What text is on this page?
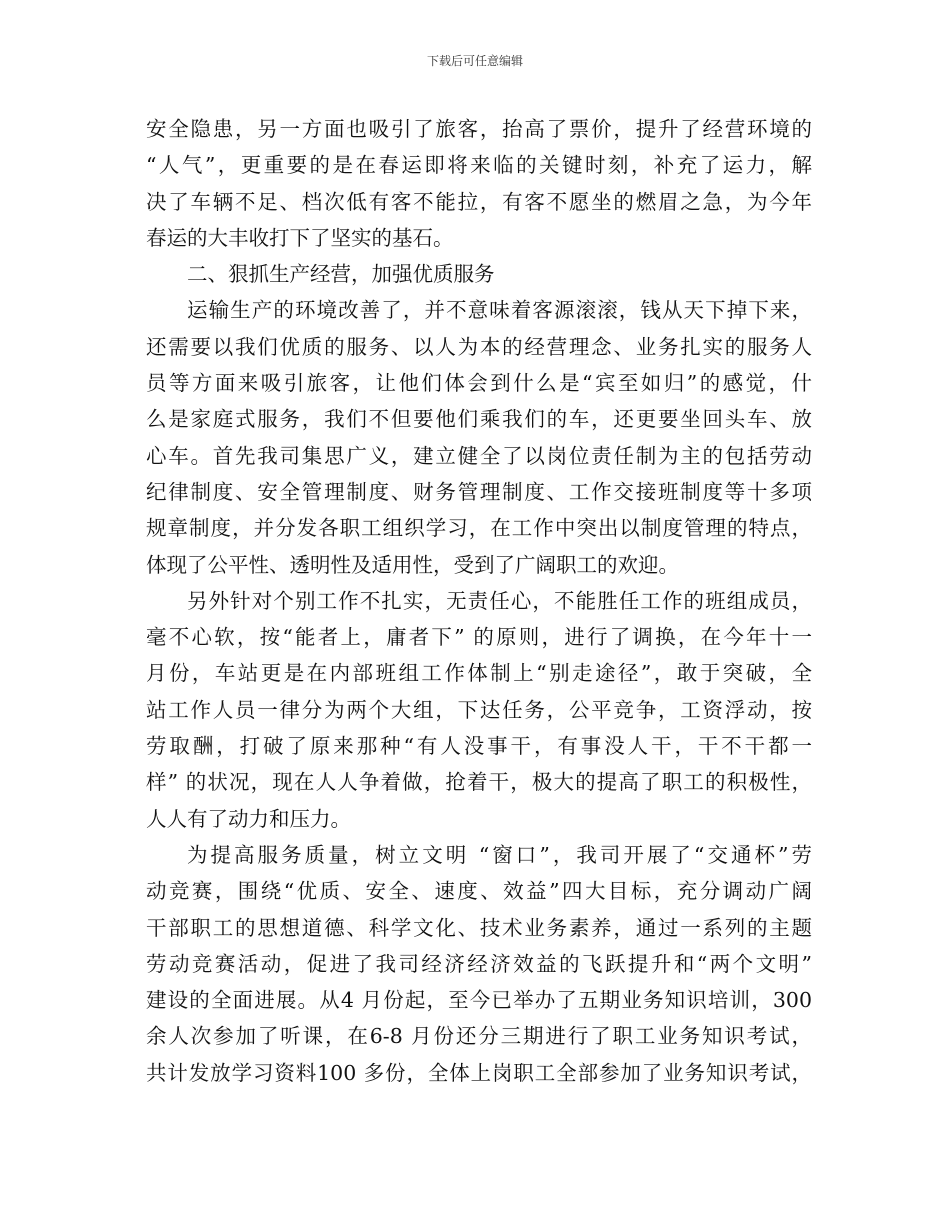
下载后可任意编辑
安全隐患，另一方面也吸引了旅客，抬高了票价，提升了经营环境的
“人气”，更重要的是在春运即将来临的关键时刻，补充了运力，解
决了车辆不足、档次低有客不能拉，有客不愿坐的燃眉之急，为今年
春运的大丰收打下了坚实的基石。
二、狠抓生产经营，加强优质服务
运输生产的环境改善了，并不意味着客源滚滚，钱从天下掉下来，
还需要以我们优质的服务、以人为本的经营理念、业务扎实的服务人
员等方面来吸引旅客，让他们体会到什么是“宾至如归”的感觉，什
么是家庭式服务，我们不但要他们乘我们的车，还更要坐回头车、放
心车。首先我司集思广义，建立健全了以岗位责任制为主的包括劳动
纪律制度、安全管理制度、财务管理制度、工作交接班制度等十多项
规章制度，并分发各职工组织学习，在工作中突出以制度管理的特点，
体现了公平性、透明性及适用性，受到了广阔职工的欢迎。
另外针对个别工作不扎实，无责任心，不能胜任工作的班组成员，
毫不心软，按“能者上，庸者下” 的原则，进行了调换，在今年十一
月份，车站更是在内部班组工作体制上“别走途径”，敢于突破，全
站工作人员一律分为两个大组，下达任务，公平竞争，工资浮动，按
劳取酬，打破了原来那种“有人没事干，有事没人干，干不干都一
样” 的状况，现在人人争着做，抢着干，极大的提高了职工的积极性，
人人有了动力和压力。
为提高服务质量，树立文明 “窗口”，我司开展了“交通杯”劳
动竞赛，围绕“优质、安全、速度、效益”四大目标，充分调动广阔
干部职工的思想道德、科学文化、技术业务素养，通过一系列的主题
劳动竞赛活动，促进了我司经济经济效益的飞跃提升和“两个文明”
建设的全面进展。从4 月份起，至今已举办了五期业务知识培训，300
余人次参加了听课，在6-8 月份还分三期进行了职工业务知识考试，
共计发放学习资料100 多份，全体上岗职工全部参加了业务知识考试，
